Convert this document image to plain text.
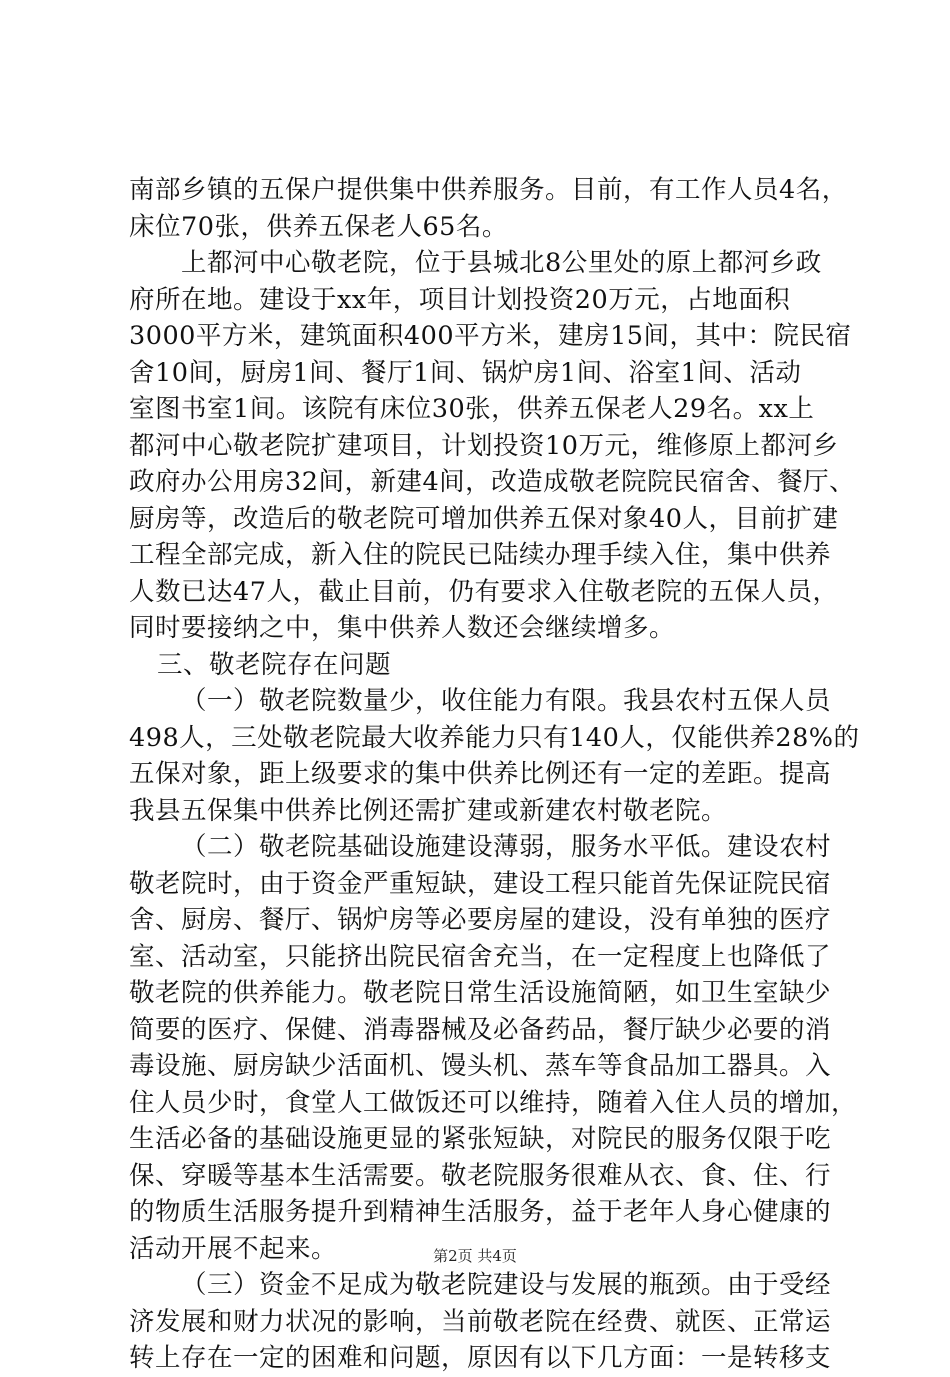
南部乡镇的五保户提供集中供养服务。目前，有工作人员4名，
床位70张，供养五保老人65名。
上都河中心敬老院，位于县城北8公里处的原上都河乡政
府所在地。建设于xx年，项目计划投资20万元，占地面积
3000平方米，建筑面积400平方米，建房15间，其中：院民宿
舍10间，厨房1间、餐厅1间、锅炉房1间、浴室1间、活动
室图书室1间。该院有床位30张，供养五保老人29名。xx上
都河中心敬老院扩建项目，计划投资10万元，维修原上都河乡
政府办公用房32间，新建4间，改造成敬老院院民宿舍、餐厅、
厨房等，改造后的敬老院可增加供养五保对象40人，目前扩建
工程全部完成，新入住的院民已陆续办理手续入住，集中供养
人数已达47人，截止目前，仍有要求入住敬老院的五保人员，
同时要接纳之中，集中供养人数还会继续增多。
三、敬老院存在问题
（一）敬老院数量少，收住能力有限。我县农村五保人员
498人，三处敬老院最大收养能力只有140人，仅能供养28%的
五保对象，距上级要求的集中供养比例还有一定的差距。提高
我县五保集中供养比例还需扩建或新建农村敬老院。
（二）敬老院基础设施建设薄弱，服务水平低。建设农村
敬老院时，由于资金严重短缺，建设工程只能首先保证院民宿
舍、厨房、餐厅、锅炉房等必要房屋的建设，没有单独的医疗
室、活动室，只能挤出院民宿舍充当，在一定程度上也降低了
敬老院的供养能力。敬老院日常生活设施简陋，如卫生室缺少
简要的医疗、保健、消毒器械及必备药品，餐厅缺少必要的消
毒设施、厨房缺少活面机、馒头机、蒸车等食品加工器具。入
住人员少时，食堂人工做饭还可以维持，随着入住人员的增加，
生活必备的基础设施更显的紧张短缺，对院民的服务仅限于吃
保、穿暖等基本生活需要。敬老院服务很难从衣、食、住、行
的物质生活服务提升到精神生活服务，益于老年人身心健康的
活动开展不起来。
（三）资金不足成为敬老院建设与发展的瓶颈。由于受经
济发展和财力状况的影响，当前敬老院在经费、就医、正常运
转上存在一定的困难和问题，原因有以下几方面：一是转移支
第2页 共4页
